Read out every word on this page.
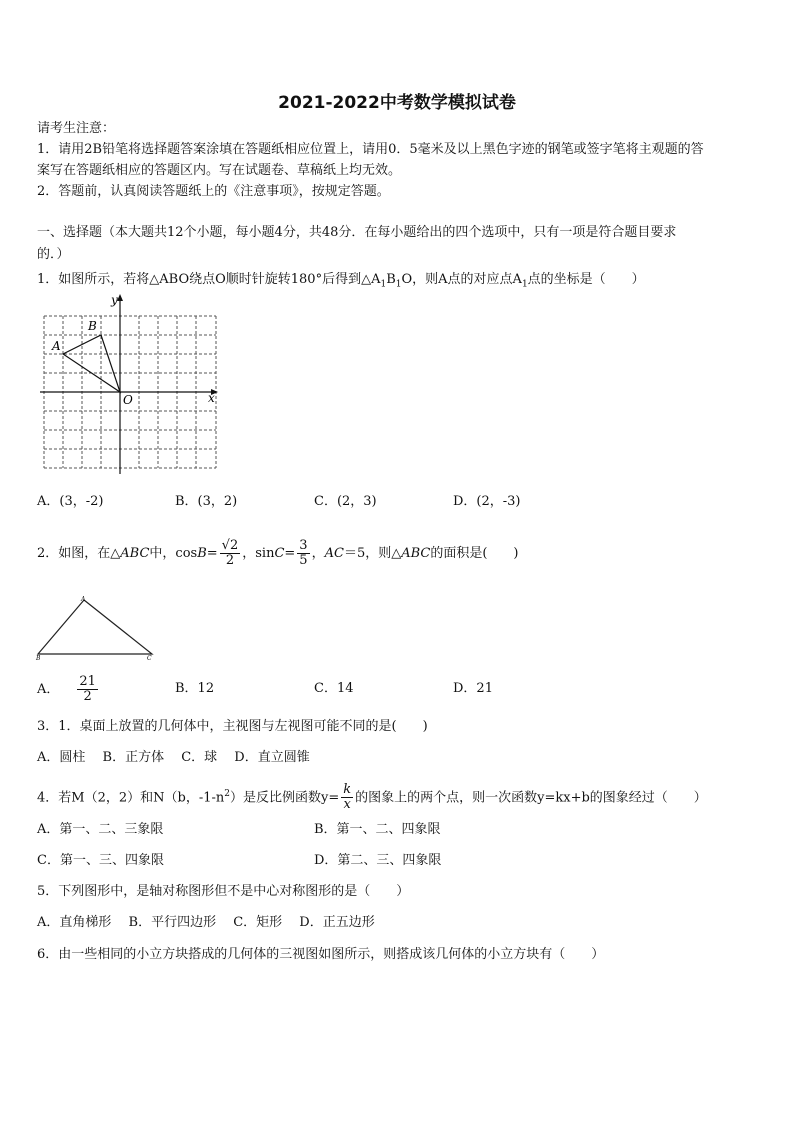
2021-2022中考数学模拟试卷
请考生注意：
1．请用2B铅笔将选择题答案涂填在答题纸相应位置上，请用0．5毫米及以上黑色字迹的钢笔或签字笔将主观题的答
案写在答题纸相应的答题区内。写在试题卷、草稿纸上均无效。
2．答题前，认真阅读答题纸上的《注意事项》，按规定答题。
一、选择题（本大题共12个小题，每小题4分，共48分．在每小题给出的四个选项中，只有一项是符合题目要求
的．）
1．如图所示，若将△ABO绕点O顺时针旋转180°后得到$\triangle A_1B_1O$，则A点的对应点$A_1$点的坐标是（　　）
y
x
O
A
B
A．(3，-2)	B．(3，2)	C．(2，3)	D．(2，-3)
2．如图，在△ABC中，$\cos B= \frac{√2}{2}$ ，$\sin C= \frac{3}{5}$ ，AC＝5，则△ABC的面积是(　　)
A
B	C
A． $\frac{21}{2}$	B．12	C．14	D．21
3．1．桌面上放置的几何体中，主视图与左视图可能不同的是(　　)
A．圆柱　 B．正方体　 C．球　 D．直立圆锥
4．若M（2，2）和N（b，$-1-n^2$）是反比例函数$y= \frac{k}{x}$ 的图象上的两个点，则一次函数y=kx+b的图象经过（　　）
A．第一、二、三象限	B．第一、二、四象限
C．第一、三、四象限	D．第二、三、四象限
5．下列图形中，是轴对称图形但不是中心对称图形的是（　　）
A．直角梯形　 B．平行四边形　 C．矩形　 D．正五边形
6．由一些相同的小立方块搭成的几何体的三视图如图所示，则搭成该几何体的小立方块有（　　）
